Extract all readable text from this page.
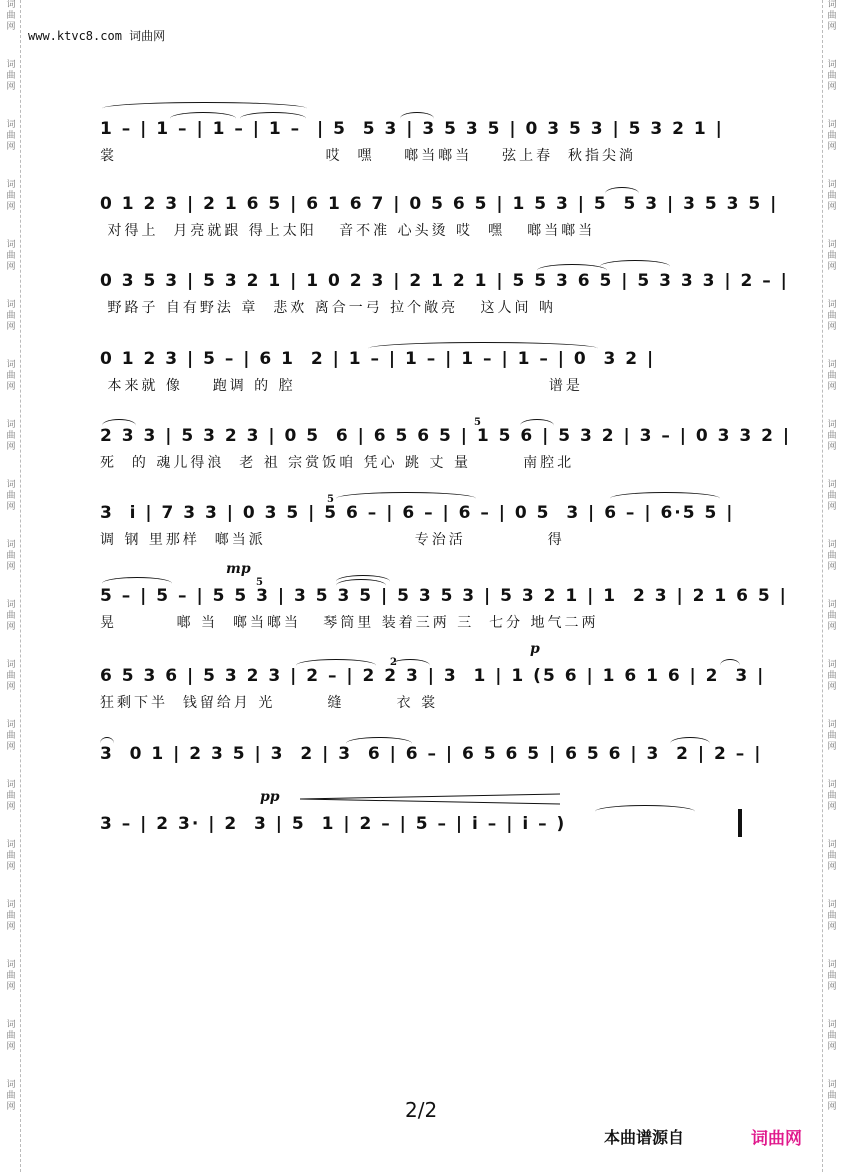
词
曲
网
词
曲
网
词
曲
网
词
曲
网
词
曲
网
词
曲
网
词
曲
网
词
曲
网
词
曲
网
词
曲
网
词
曲
网
词
曲
网
词
曲
网
词
曲
网
词
曲
网
词
曲
网
词
曲
网
词
曲
网
词
曲
网
词
曲
网
词
曲
网
词
曲
网
词
曲
网
词
曲
网
词
曲
网
词
曲
网
词
曲
网
词
曲
网
词
曲
网
词
曲
网
词
曲
网
词
曲
网
词
曲
网
词
曲
网
词
曲
网
词
曲
网
词
曲
网
词
曲
网
www.ktvc8.com 词曲网
1 – | 1 – | 1 – | 1 –  | 5  5 3 | 3 5 3 5 | 0 3 5 3 | 5 3 2 1 |
裳                            哎  嘿    啷当啷当    弦上春  秋指尖淌
0 1 2 3 | 2 1 6 5 | 6 1 6 7 | 0 5 6 5 | 1 5 3 | 5  5 3 | 3 5 3 5 |
对得上  月亮就跟 得上太阳   音不准 心头烫 哎  嘿   啷当啷当
0 3 5 3 | 5 3 2 1 | 1 0 2 3 | 2 1 2 1 | 5 5 3 6 5 | 5 3 3 3 | 2 – |
野路子 自有野法 章  悲欢 离合一弓 拉个敞亮   这人间 呐
0 1 2 3 | 5 – | 6 1  2 | 1 – | 1 – | 1 – | 1 – | 0  3 2 |
本来就 像    跑调 的 腔                                  谱是
5
2 3 3 | 5 3 2 3 | 0 5  6 | 6 5 6 5 | 1 5 6 | 5 3 2 | 3 – | 0 3 3 2 |
死  的 魂儿得浪  老 祖 宗赏饭咱 凭心 跳 丈 量       南腔北
5
3  i | 7 3 3 | 0 3 5 | 5 6 – | 6 – | 6 – | 0 5  3 | 6 – | 6·5 5 |
调 钢 里那样  啷当派                    专治活           得
mp
5
5 – | 5 – | 5 5 3 | 3 5 3 5 | 5 3 5 3 | 5 3 2 1 | 1  2 3 | 2 1 6 5 |
晃        啷 当  啷当啷当   琴筒里 装着三两 三  七分 地气二两
2
p
6 5 3 6 | 5 3 2 3 | 2 – | 2 2 3 | 3  1 | 1 (5 6 | 1 6 1 6 | 2  3 |
狂剩下半  钱留给月 光       缝       衣 裳
3  0 1 | 2 3 5 | 3  2 | 3  6 | 6 – | 6 5 6 5 | 6 5 6 | 3  2 | 2 – |
pp
3 – | 2 3· | 2  3 | 5  1 | 2 – | 5 – | i – | i – )
2/2
本曲谱源自	词曲网
